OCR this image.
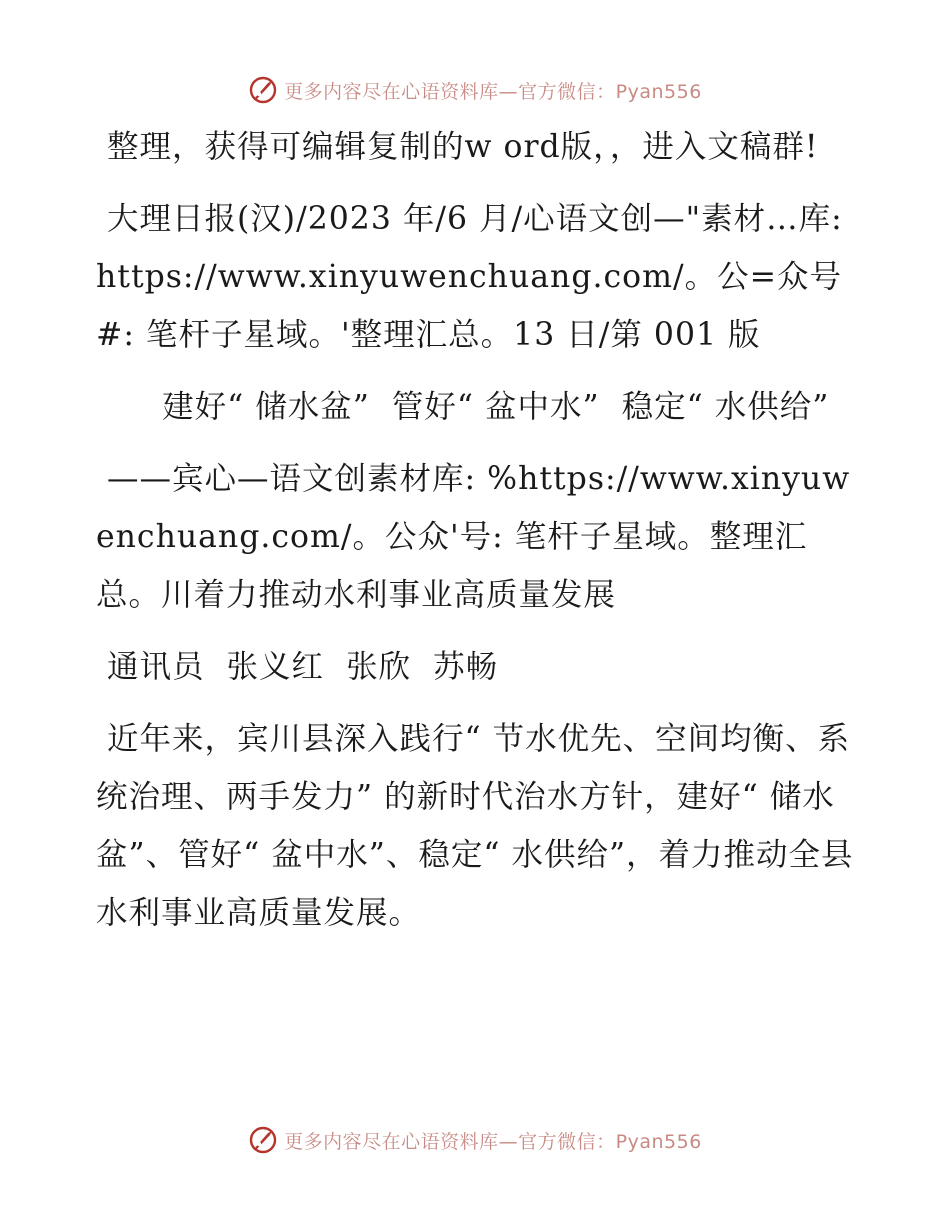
更多内容尽在心语资料库—官方微信：Pyan556

整理，获得可编辑复制的w ord版，，进入文稿群!

大理日报(汉)/2023 年/6 月/心语文创—"素材…库: https://www.xinyuwenchuang.com/。公=众号#: 笔杆子星域。'整理汇总。13 日/第 001 版

建好“ 储水盆”  管好“ 盆中水”  稳定“ 水供给”

——宾心—语文创素材库: %https://www.xinyuwenchuang.com/。公众'号: 笔杆子星域。整理汇总。川着力推动水利事业高质量发展

通讯员  张义红  张欣  苏畅

近年来，宾川县深入践行“ 节水优先、空间均衡、系统治理、两手发力” 的新时代治水方针，建好“ 储水盆”、管好“ 盆中水”、稳定“ 水供给”，着力推动全县水利事业高质量发展。

更多内容尽在心语资料库—官方微信：Pyan556
